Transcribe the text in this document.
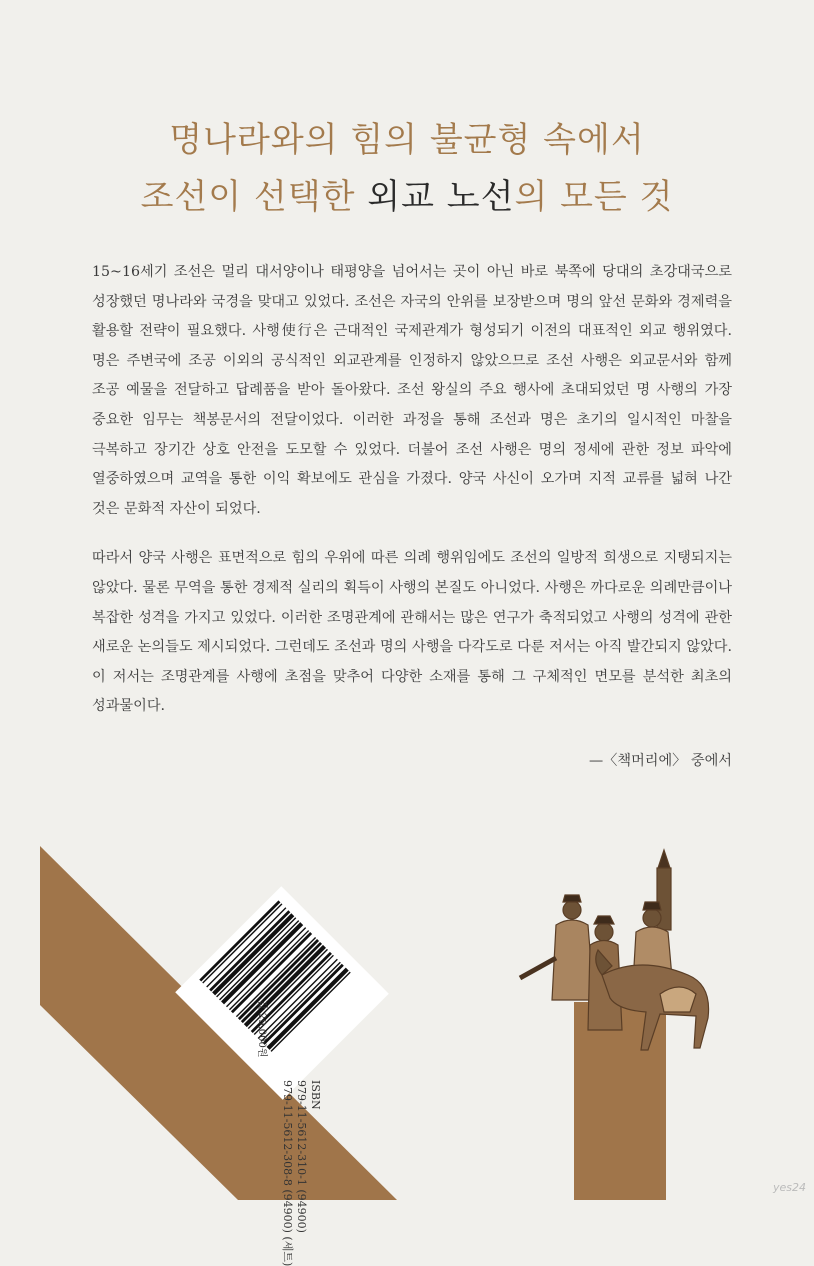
명나라와의 힘의 불균형 속에서
조선이 선택한 외교 노선의 모든 것

15~16세기 조선은 멀리 대서양이나 태평양을 넘어서는 곳이 아닌 바로 북쪽에 당대의 초강대국으로 성장했던 명나라와 국경을 맞대고 있었다. 조선은 자국의 안위를 보장받으며 명의 앞선 문화와 경제력을 활용할 전략이 필요했다. 사행使行은 근대적인 국제관계가 형성되기 이전의 대표적인 외교 행위였다. 명은 주변국에 조공 이외의 공식적인 외교관계를 인정하지 않았으므로 조선 사행은 외교문서와 함께 조공 예물을 전달하고 답례품을 받아 돌아왔다. 조선 왕실의 주요 행사에 초대되었던 명 사행의 가장 중요한 임무는 책봉문서의 전달이었다. 이러한 과정을 통해 조선과 명은 초기의 일시적인 마찰을 극복하고 장기간 상호 안전을 도모할 수 있었다. 더불어 조선 사행은 명의 정세에 관한 정보 파악에 열중하였으며 교역을 통한 이익 확보에도 관심을 가졌다. 양국 사신이 오가며 지적 교류를 넓혀 나간 것은 문화적 자산이 되었다.

따라서 양국 사행은 표면적으로 힘의 우위에 따른 의례 행위임에도 조선의 일방적 희생으로 지탱되지는 않았다. 물론 무역을 통한 경제적 실리의 획득이 사행의 본질도 아니었다. 사행은 까다로운 의례만큼이나 복잡한 성격을 가지고 있었다. 이러한 조명관계에 관해서는 많은 연구가 축적되었고 사행의 성격에 관한 새로운 논의들도 제시되었다. 그런데도 조선과 명의 사행을 다각도로 다룬 저서는 아직 발간되지 않았다. 이 저서는 조명관계를 사행에 초점을 맞추어 다양한 소재를 통해 그 구체적인 면모를 분석한 최초의 성과물이다.

—〈책머리에〉 중에서
값 29,000원
ISBN
979-11-5612-310-1 (94900)
979-11-5612-308-8 (94900) (세트)	yes24
